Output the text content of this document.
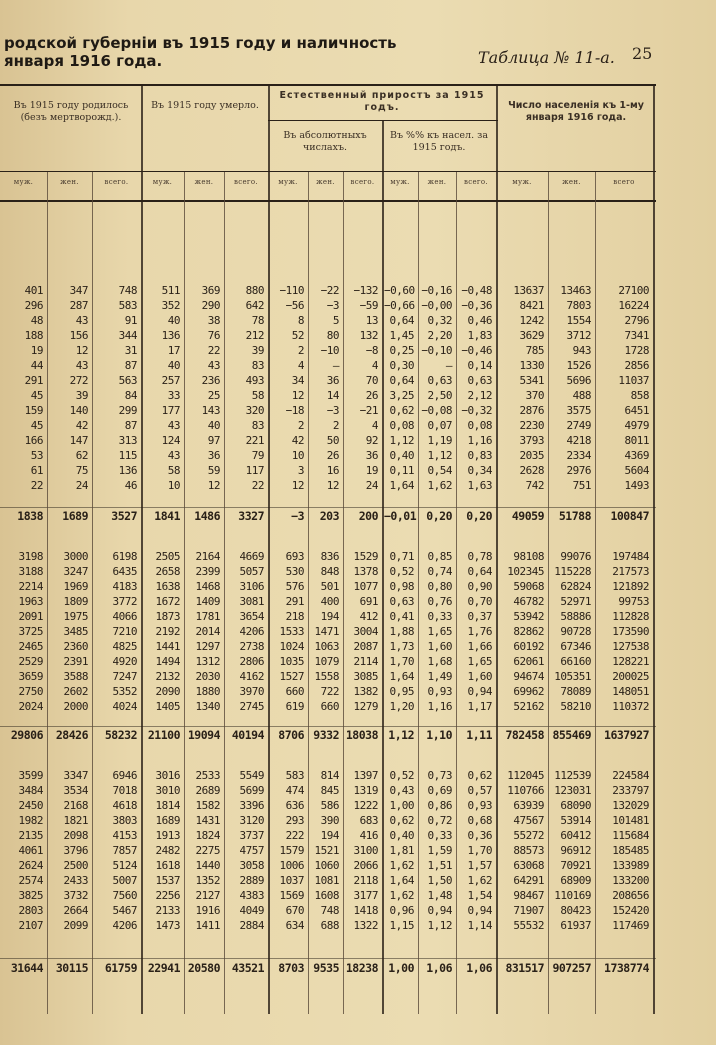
родской губерніи въ 1915 году и наличность
января 1916 года.	Таблица № 11-а. 25
Въ 1915 году родилось (безъ мертворожд.).
Въ 1915 году умерло.
Естественный приростъ за 1915 годъ.
Въ абсолютныхъ числахъ.
Въ %% къ насел. за 1915 годъ.
Число населенія къ 1-му января 1916 года.
муж.	жен.	всего.	муж.	жен.	всего.	муж.	жен.	всего.	муж.	жен.	всего.	муж.	жен.	всего
401	347	748	511	369	880	−110	−22	−132 −0,60 −0,16 −0,48	13637	13463	27100
296	287	583	352	290	642	−56	−3	−59 −0,66 −0,00 −0,36	8421	7803	16224
48	43	91	40	38	78	8	5	13	0,64	0,32	0,46	1242	1554	2796
188	156	344	136	76	212	52	80	132	1,45	2,20	1,83	3629	3712	7341
19	12	31	17	22	39	2	−10	−8	0,25 −0,10 −0,46	785	943	1728
44	43	87	40	43	83	4	—	4	0,30	—	0,14	1330	1526	2856
291	272	563	257	236	493	34	36	70	0,64	0,63	0,63	5341	5696	11037
45	39	84	33	25	58	12	14	26	3,25	2,50	2,12	370	488	858
159	140	299	177	143	320	−18	−3	−21	0,62 −0,08 −0,32	2876	3575	6451
45	42	87	43	40	83	2	2	4	0,08	0,07	0,08	2230	2749	4979
166	147	313	124	97	221	42	50	92	1,12	1,19	1,16	3793	4218	8011
53	62	115	43	36	79	10	26	36	0,40	1,12	0,83	2035	2334	4369
61	75	136	58	59	117	3	16	19	0,11	0,54	0,34	2628	2976	5604
22	24	46	10	12	22	12	12	24	1,64	1,62	1,63	742	751	1493
1838	1689	3527	1841	1486	3327	−3	203	200 −0,01 0,20	0,20	49059	51788	100847
3198	3000	6198	2505	2164	4669	693	836	1529	0,71	0,85	0,78	98108	99076	197484
3188	3247	6435	2658	2399	5057	530	848	1378	0,52	0,74	0,64	102345 115228	217573
2214	1969	4183	1638	1468	3106	576	501	1077	0,98	0,80	0,90	59068	62824	121892
1963	1809	3772	1672	1409	3081	291	400	691	0,63	0,76	0,70	46782	52971	99753
2091	1975	4066	1873	1781	3654	218	194	412	0,41	0,33	0,37	53942	58886	112828
3725	3485	7210	2192	2014	4206	1533 1471	3004	1,88	1,65	1,76	82862	90728	173590
2465	2360	4825	1441	1297	2738	1024 1063	2087	1,73	1,60	1,66	60192	67346	127538
2529	2391	4920	1494	1312	2806	1035 1079	2114	1,70	1,68	1,65	62061	66160	128221
3659	3588	7247	2132	2030	4162	1527 1558	3085	1,64	1,49	1,60	94674 105351	200025
2750	2602	5352	2090	1880	3970	660	722	1382	0,95	0,93	0,94	69962	78089	148051
2024	2000	4024	1405	1340	2745	619	660	1279	1,20	1,16	1,17	52162	58210	110372
29806	28426	58232 21100 19094	40194	8706 9332 18038 1,12	1,10	1,11	782458 855469	1637927
3599	3347	6946	3016	2533	5549	583	814	1397	0,52	0,73	0,62	112045 112539	224584
3484	3534	7018	3010	2689	5699	474	845	1319	0,43	0,69	0,57	110766 123031	233797
2450	2168	4618	1814	1582	3396	636	586	1222	1,00	0,86	0,93	63939	68090	132029
1982	1821	3803	1689	1431	3120	293	390	683	0,62	0,72	0,68	47567	53914	101481
2135	2098	4153	1913	1824	3737	222	194	416	0,40	0,33	0,36	55272	60412	115684
4061	3796	7857	2482	2275	4757	1579 1521	3100	1,81	1,59	1,70	88573	96912	185485
2624	2500	5124	1618	1440	3058	1006 1060	2066	1,62	1,51	1,57	63068	70921	133989
2574	2433	5007	1537	1352	2889	1037 1081	2118	1,64	1,50	1,62	64291	68909	133200
3825	3732	7560	2256	2127	4383	1569 1608	3177	1,62	1,48	1,54	98467 110169	208656
2803	2664	5467	2133	1916	4049	670	748	1418	0,96	0,94	0,94	71907	80423	152420
2107	2099	4206	1473	1411	2884	634	688	1322	1,15	1,12	1,14	55532	61937	117469
31644	30115	61759 22941 20580	43521	8703 9535 18238 1,00	1,06	1,06	831517 907257	1738774
